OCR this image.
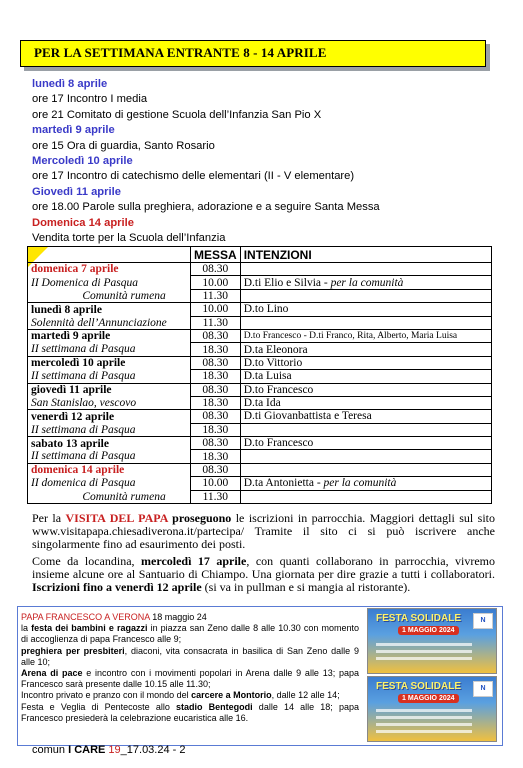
PER LA SETTIMANA ENTRANTE 8 - 14 APRILE
lunedì 8 aprile
ore 17 Incontro I media
ore 21 Comitato di gestione Scuola dell’Infanzia San Pio X
martedì 9 aprile
ore 15 Ora di guardia, Santo Rosario
Mercoledì 10 aprile
ore 17 Incontro di catechismo delle elementari (II - V elementare)
Giovedì 11 aprile
ore 18.00 Parole sulla preghiera, adorazione e a seguire Santa Messa
Domenica 14 aprile
Vendita torte per la Scuola dell’Infanzia
	MESSA	INTENZIONI
domenica 7 aprile	08.30	
II Domenica di Pasqua	10.00	D.ti Elio e Silvia - per la comunità

Comunità rumena	11.30	
lunedì 8 aprile	10.00	D.to Lino
Solennità dell’Annunciazione	11.30	
martedì 9 aprile	08.30	D.to Francesco - D.ti Franco, Rita, Alberto, Maria Luisa
II settimana di Pasqua	18.30	D.ta Eleonora
mercoledì 10 aprile	08.30	D.to Vittorio
II settimana di Pasqua	18.30	D.ta Luisa
giovedì 11 aprile	08.30	D.to Francesco
San Stanislao, vescovo	18.30	D.ta Ida
venerdì 12 aprile	08.30	D.ti Giovanbattista e Teresa
II settimana di Pasqua	18.30	
sabato 13 aprile	08.30	D.to Francesco
II settimana di Pasqua	18.30	
domenica 14 aprile	08.30	
II domenica di Pasqua	10.00	D.ta Antonietta - per la comunità

Comunità rumena	11.30	
Per la VISITA DEL PAPA proseguono le iscrizioni in parrocchia. Maggiori dettagli sul sito www.visitapapa.chiesadiverona.it/partecipa/ Tramite il sito ci si può iscrivere anche singolarmente fino ad esaurimento dei posti.
Come da locandina, mercoledì 17 aprile, con quanti collaborano in parrocchia, vivremo insieme alcune ore al Santuario di Chiampo. Una giornata per dire grazie a tutti i collaboratori. Iscrizioni fino a venerdì 12 aprile (si va in pullman e si mangia al ristorante).
PAPA FRANCESCO A VERONA 18 maggio 24
la festa dei bambini e ragazzi in piazza san Zeno dalle 8 alle 10.30 con momento di accoglienza di papa Francesco alle 9;
preghiera per presbiteri, diaconi, vita consacrata in basilica di San Zeno dalle 9 alle 10;
Arena di pace e incontro con i movimenti popolari in Arena dalle 9 alle 13; papa Francesco sarà presente dalle 10.15 alle 11.30;
Incontro privato e pranzo con il mondo del carcere a Montorio, dalle 12 alle 14;
Festa e Veglia di Pentecoste allo stadio Bentegodi dalle 14 alle 18; papa Francesco presiederà la celebrazione eucaristica alle 16.
FESTA SOLIDALE
1 MAGGIO 2024
N
FESTA SOLIDALE
1 MAGGIO 2024
N
comun I CARE 19_17.03.24 - 2
